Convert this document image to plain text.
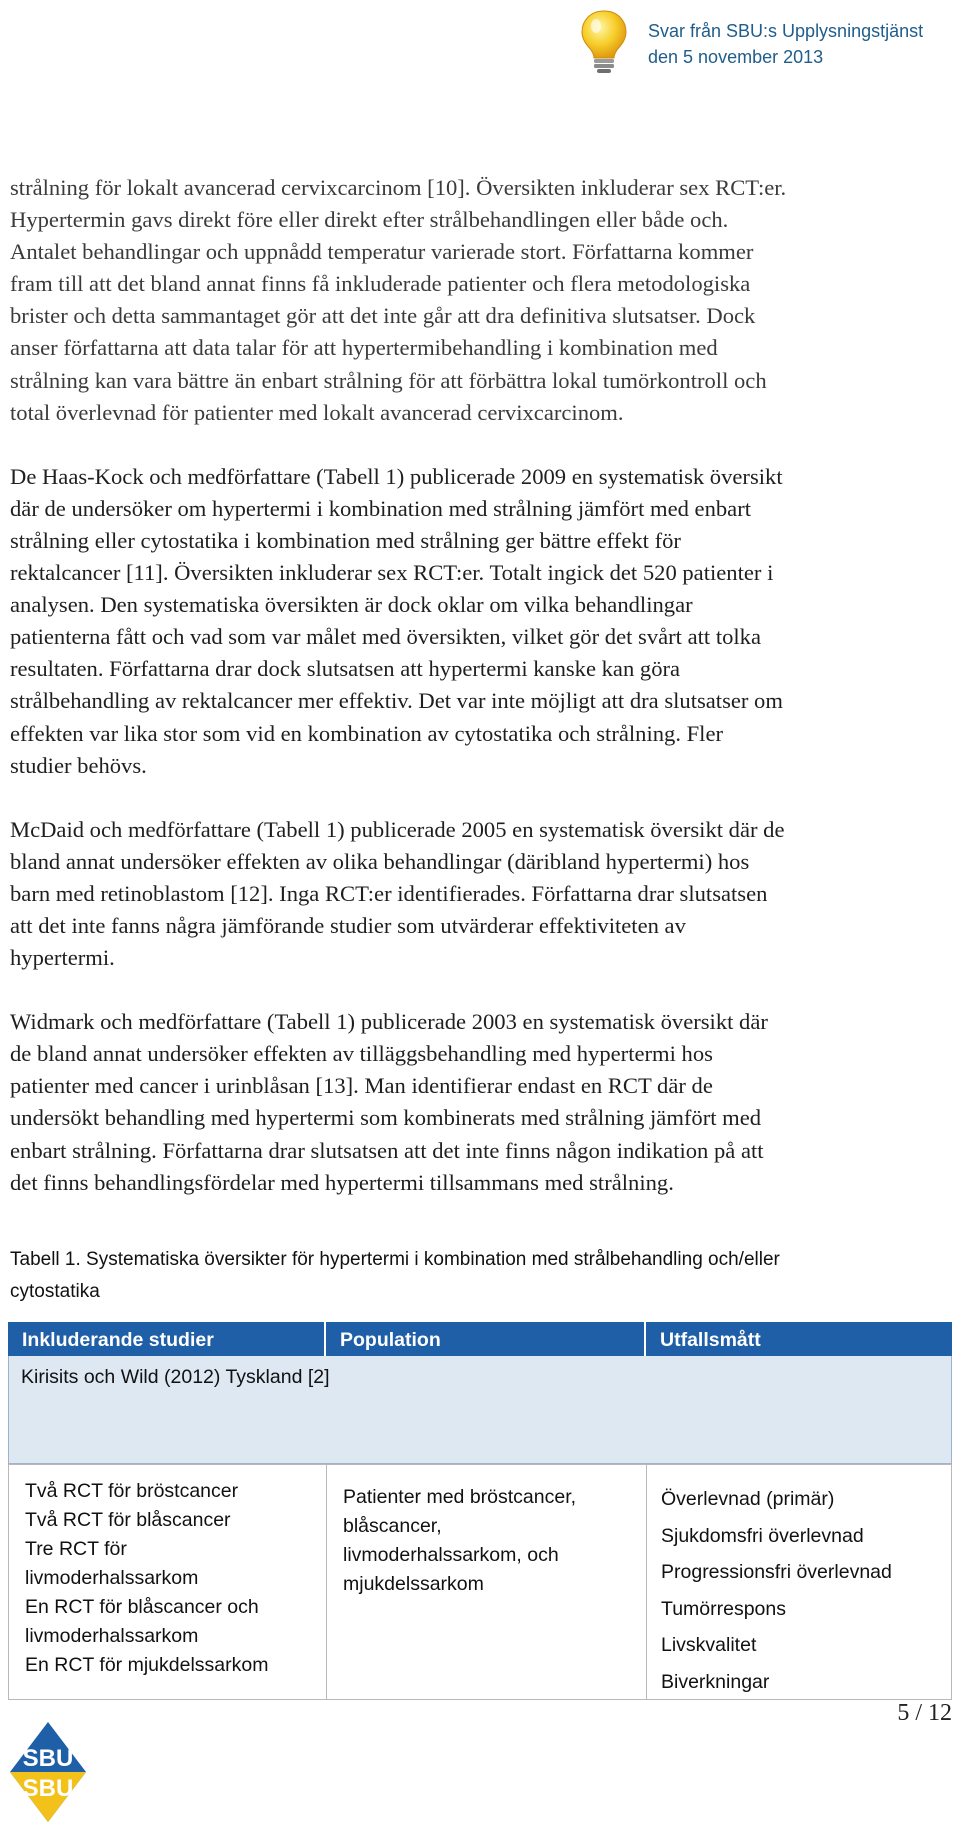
Svar från SBU:s Upplysningstjänst
den 5 november 2013

strålning för lokalt avancerad cervixcarcinom [10]. Översikten inkluderar sex RCT:er.

Hypertermin gavs direkt före eller direkt efter strålbehandlingen eller både och.

Antalet behandlingar och uppnådd temperatur varierade stort. Författarna kommer

fram till att det bland annat finns få inkluderade patienter och flera metodologiska

brister och detta sammantaget gör att det inte går att dra definitiva slutsatser. Dock

anser författarna att data talar för att hypertermibehandling i kombination med

strålning kan vara bättre än enbart strålning för att förbättra lokal tumörkontroll och

total överlevnad för patienter med lokalt avancerad cervixcarcinom.

De Haas-Kock och medförfattare (Tabell 1) publicerade 2009 en systematisk översikt

där de undersöker om hypertermi i kombination med strålning jämfört med enbart

strålning eller cytostatika i kombination med strålning ger bättre effekt för

rektalcancer [11]. Översikten inkluderar sex RCT:er. Totalt ingick det 520 patienter i

analysen. Den systematiska översikten är dock oklar om vilka behandlingar

patienterna fått och vad som var målet med översikten, vilket gör det svårt att tolka

resultaten. Författarna drar dock slutsatsen att hypertermi kanske kan göra

strålbehandling av rektalcancer mer effektiv. Det var inte möjligt att dra slutsatser om

effekten var lika stor som vid en kombination av cytostatika och strålning. Fler

studier behövs.

McDaid och medförfattare (Tabell 1) publicerade 2005 en systematisk översikt där de

bland annat undersöker effekten av olika behandlingar (däribland hypertermi) hos

barn med retinoblastom [12]. Inga RCT:er identifierades. Författarna drar slutsatsen

att det inte fanns några jämförande studier som utvärderar effektiviteten av

hypertermi.

Widmark och medförfattare (Tabell 1) publicerade 2003 en systematisk översikt där

de bland annat undersöker effekten av tilläggsbehandling med hypertermi hos

patienter med cancer i urinblåsan [13]. Man identifierar endast en RCT där de

undersökt behandling med hypertermi som kombinerats med strålning jämfört med

enbart strålning. Författarna drar slutsatsen att det inte finns någon indikation på att

det finns behandlingsfördelar med hypertermi tillsammans med strålning.

Tabell 1. Systematiska översikter för hypertermi i kombination med strålbehandling och/eller
cytostatika
Inkluderande studier	Population	Utfallsmått
Kirisits och Wild (2012) Tyskland [2]
Två RCT för bröstcancer
Två RCT för blåscancer
Tre RCT för
livmoderhalssarkom
En RCT för blåscancer och
livmoderhalssarkom
En RCT för mjukdelssarkom
Patienter med bröstcancer,
blåscancer,
livmoderhalssarkom, och
mjukdelssarkom
Överlevnad (primär)
Sjukdomsfri överlevnad
Progressionsfri överlevnad
Tumörrespons
Livskvalitet
Biverkningar
SBU
SBU
5 / 12
